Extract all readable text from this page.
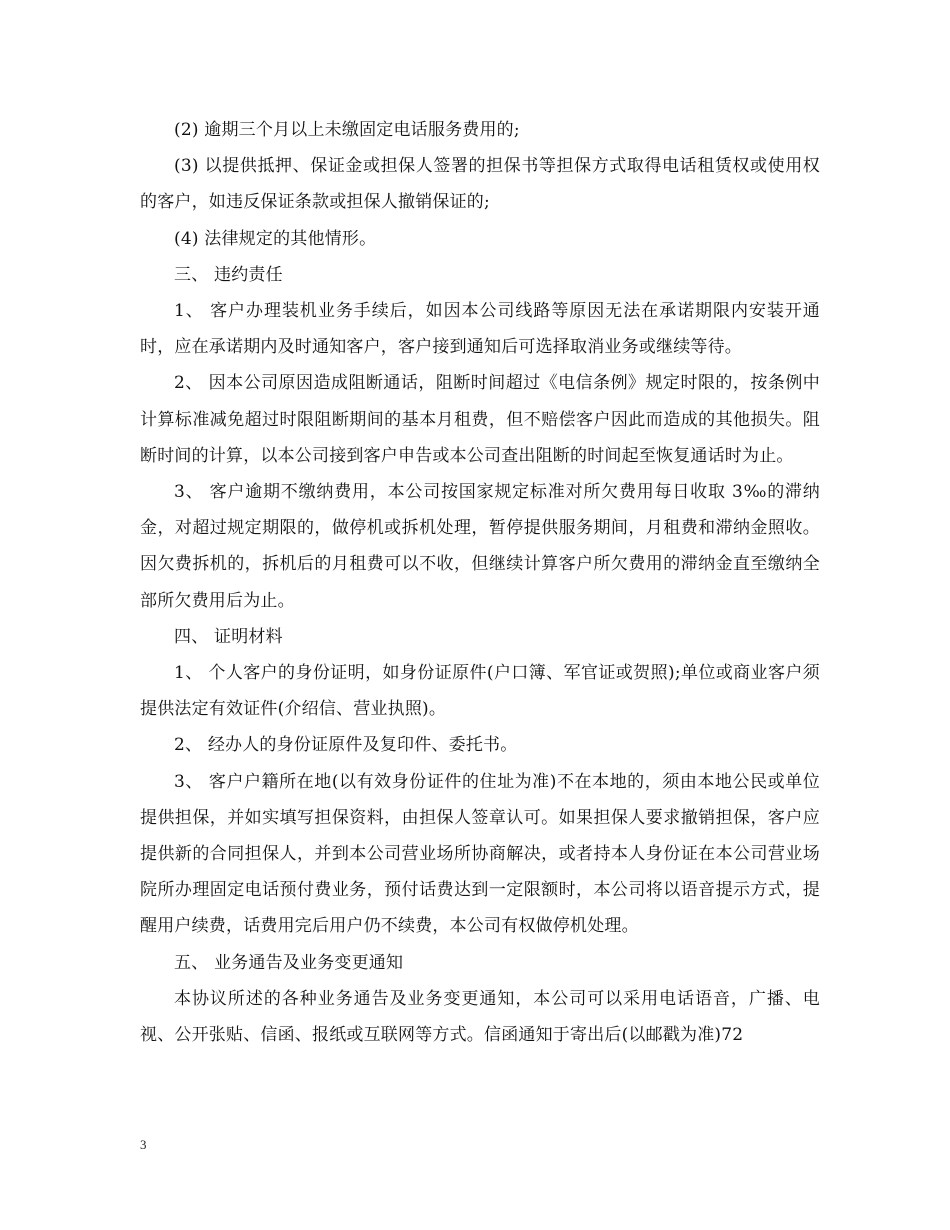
(2) 逾期三个月以上未缴固定电话服务费用的;

(3) 以提供抵押、保证金或担保人签署的担保书等担保方式取得电话租赁权或使用权的客户，如违反保证条款或担保人撤销保证的;

(4) 法律规定的其他情形。

三、 违约责任

1、 客户办理装机业务手续后，如因本公司线路等原因无法在承诺期限内安装开通时，应在承诺期内及时通知客户，客户接到通知后可选择取消业务或继续等待。

2、 因本公司原因造成阻断通话，阻断时间超过《电信条例》规定时限的，按条例中计算标准减免超过时限阻断期间的基本月租费，但不赔偿客户因此而造成的其他损失。阻断时间的计算，以本公司接到客户申告或本公司查出阻断的时间起至恢复通话时为止。

3、 客户逾期不缴纳费用，本公司按国家规定标准对所欠费用每日收取 3‰的滞纳金，对超过规定期限的，做停机或拆机处理，暂停提供服务期间，月租费和滞纳金照收。因欠费拆机的，拆机后的月租费可以不收，但继续计算客户所欠费用的滞纳金直至缴纳全部所欠费用后为止。

四、 证明材料

1、 个人客户的身份证明，如身份证原件(户口簿、军官证或贺照);单位或商业客户须提供法定有效证件(介绍信、营业执照)。

2、 经办人的身份证原件及复印件、委托书。

3、 客户户籍所在地(以有效身份证件的住址为准)不在本地的，须由本地公民或单位提供担保，并如实填写担保资料，由担保人签章认可。如果担保人要求撤销担保，客户应提供新的合同担保人，并到本公司营业场所协商解决，或者持本人身份证在本公司营业场院所办理固定电话预付费业务，预付话费达到一定限额时，本公司将以语音提示方式，提醒用户续费，话费用完后用户仍不续费，本公司有权做停机处理。

五、 业务通告及业务变更通知

本协议所述的各种业务通告及业务变更通知，本公司可以采用电话语音，广播、电视、公开张贴、信函、报纸或互联网等方式。信函通知于寄出后(以邮戳为准)72

3
